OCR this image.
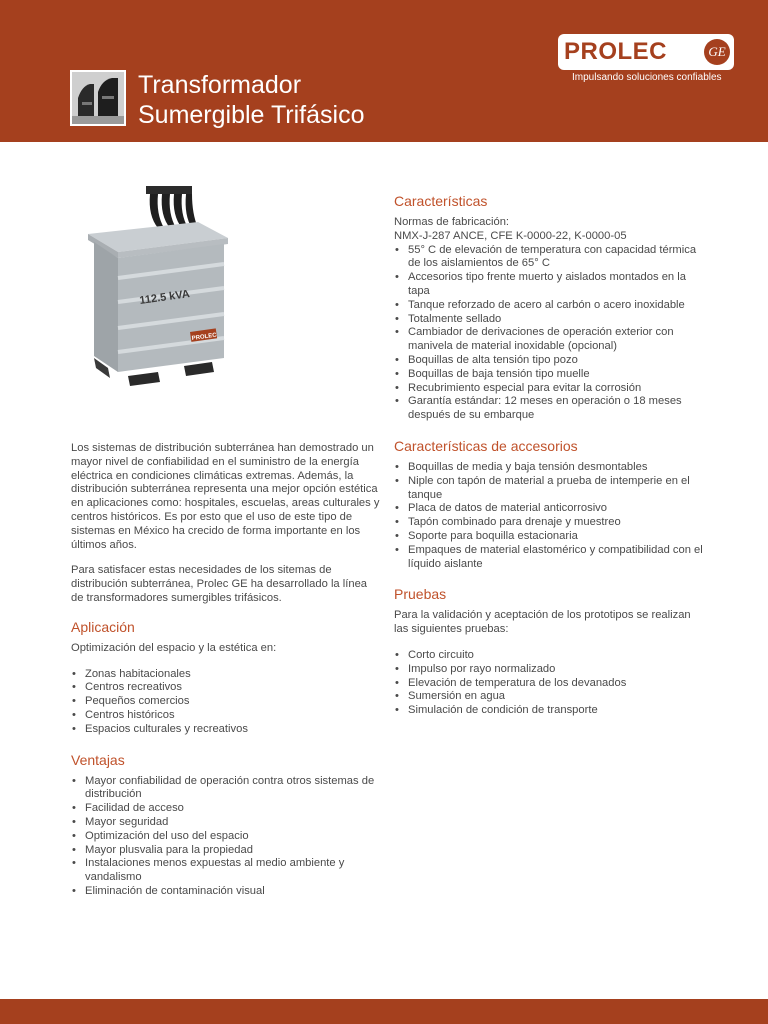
Transformador
Sumergible Trifásico
PROLEC	GE
Impulsando soluciones confiables
112.5 kVA
PROLEC

Los sistemas de distribución subterránea han demostrado un mayor nivel de confiabilidad en el suministro de la energía eléctrica en condiciones climáticas extremas. Además, la distribución subterránea representa una mejor opción estética en aplicaciones como: hospitales, escuelas, areas culturales y centros históricos. Es por esto que el uso de este tipo de sistemas en México ha crecido de forma importante en los últimos años.

Para satisfacer estas necesidades de los sitemas de distribución subterránea, Prolec GE ha desarrollado la línea de transformadores sumergibles trifásicos.

Aplicación

Optimización del espacio y la estética en:

• Zonas habitacionales
• Centros recreativos
• Pequeños comercios
• Centros históricos
• Espacios culturales y recreativos
Ventajas
• Mayor confiabilidad de operación contra otros sistemas de distribución
• Facilidad de acceso
• Mayor seguridad
• Optimización del uso del espacio
• Mayor plusvalia para la propiedad
• Instalaciones menos expuestas al medio ambiente y vandalismo
• Eliminación de contaminación visual
Características
Normas de fabricación:
NMX-J-287 ANCE, CFE K-0000-22, K-0000-05
• 55° C de elevación de temperatura con capacidad térmica de los aislamientos de 65° C
• Accesorios tipo frente muerto y aislados montados en la tapa
• Tanque reforzado de acero al carbón o acero inoxidable
• Totalmente sellado
• Cambiador de derivaciones de operación exterior con manivela de material inoxidable (opcional)
• Boquillas de alta tensión tipo pozo
• Boquillas de baja tensión tipo muelle
• Recubrimiento especial para evitar la corrosión
• Garantía estándar: 12 meses en operación o 18 meses después de su embarque
Características de accesorios
• Boquillas de media y baja tensión desmontables
• Niple con tapón de material a prueba de intemperie en el tanque
• Placa de datos de material anticorrosivo
• Tapón combinado para drenaje y muestreo
• Soporte para boquilla estacionaria
• Empaques de material elastomérico y compatibilidad con el líquido aislante
Pruebas

Para la validación y aceptación de los prototipos se realizan las siguientes pruebas:

• Corto circuito
• Impulso por rayo normalizado
• Elevación de temperatura de los devanados
• Sumersión en agua
• Simulación de condición de transporte
